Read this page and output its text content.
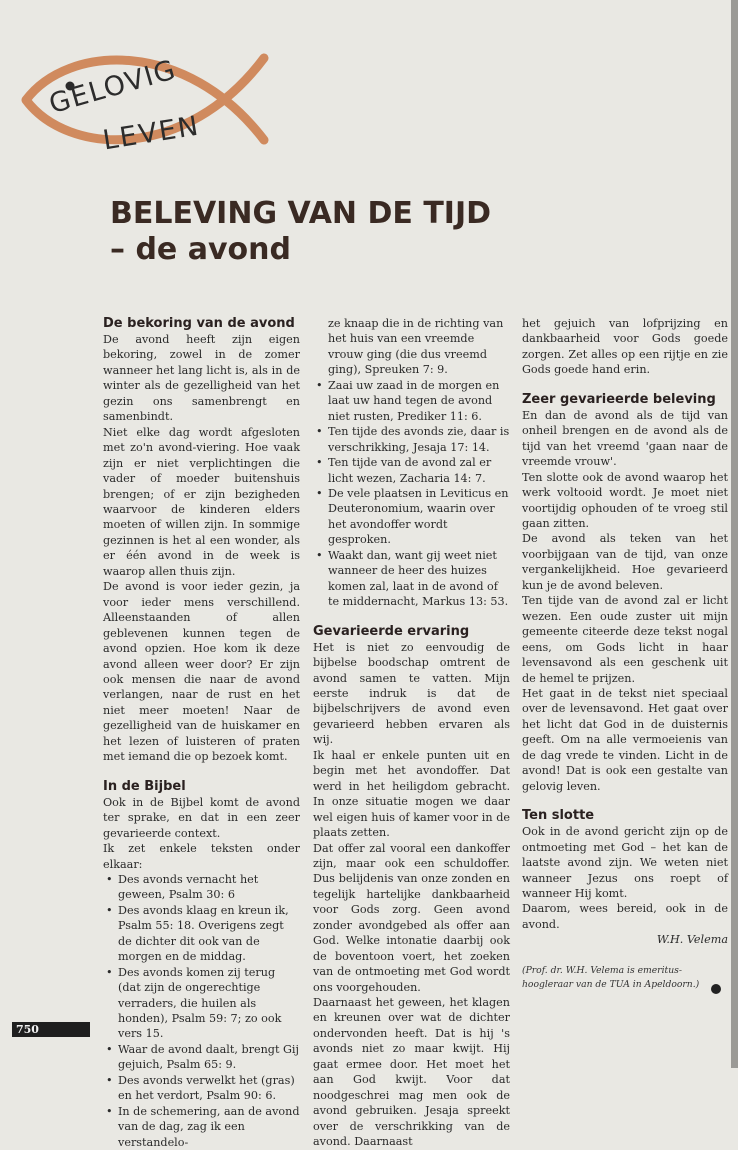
GELOVIG
LEVEN
BELEVING VAN DE TIJD
– de avond
De bekoring van de avond

De avond heeft zijn eigen bekoring, zowel in de zomer wanneer het lang licht is, als in de winter als de gezelligheid van het gezin ons samenbrengt en samenbindt.

Niet elke dag wordt afgesloten met zo'n avond-viering. Hoe vaak zijn er niet verplichtingen die vader of moeder buitenshuis brengen; of er zijn bezigheden waarvoor de kinderen elders moeten of willen zijn. In sommige gezinnen is het al een wonder, als er één avond in de week is waarop allen thuis zijn.

De avond is voor ieder gezin, ja voor ieder mens verschillend. Alleenstaanden of allen geblevenen kunnen tegen de avond opzien. Hoe kom ik deze avond alleen weer door? Er zijn ook mensen die naar de avond verlangen, naar de rust en het niet meer moeten! Naar de gezelligheid van de huiskamer en het lezen of luisteren of praten met iemand die op bezoek komt.

In de Bijbel

Ook in de Bijbel komt de avond ter sprake, en dat in een zeer gevarieerde context.

Ik zet enkele teksten onder elkaar:

• Des avonds vernacht het geween, Psalm 30: 6
• Des avonds klaag en kreun ik, Psalm 55: 18. Overigens zegt de dichter dit ook van de morgen en de middag.
• Des avonds komen zij terug (dat zijn de ongerechtige verraders, die huilen als honden), Psalm 59: 7; zo ook vers 15.
• Waar de avond daalt, brengt Gij gejuich, Psalm 65: 9.
• Des avonds verwelkt het (gras) en het verdort, Psalm 90: 6.
• In de schemering, aan de avond van de dag, zag ik een verstandelo-

ze knaap die in de richting van het huis van een vreemde vrouw ging (die dus vreemd ging), Spreuken 7: 9.

• Zaai uw zaad in de morgen en laat uw hand tegen de avond niet rusten, Prediker 11: 6.
• Ten tijde des avonds zie, daar is verschrikking, Jesaja 17: 14.
• Ten tijde van de avond zal er licht wezen, Zacharia 14: 7.
• De vele plaatsen in Leviticus en Deuteronomium, waarin over het avondoffer wordt gesproken.
• Waakt dan, want gij weet niet wanneer de heer des huizes komen zal, laat in de avond of te middernacht, Markus 13: 53.
Gevarieerde ervaring

Het is niet zo eenvoudig de bijbelse boodschap omtrent de avond samen te vatten. Mijn eerste indruk is dat de bijbelschrijvers de avond even gevarieerd hebben ervaren als wij.

Ik haal er enkele punten uit en begin met het avondoffer. Dat werd in het heiligdom gebracht. In onze situatie mogen we daar wel eigen huis of kamer voor in de plaats zetten.

Dat offer zal vooral een dankoffer zijn, maar ook een schuldoffer. Dus belijdenis van onze zonden en tegelijk hartelijke dankbaarheid voor Gods zorg. Geen avond zonder avondgebed als offer aan God. Welke intonatie daarbij ook de boventoon voert, het zoeken van de ontmoeting met God wordt ons voorgehouden.

Daarnaast het geween, het klagen en kreunen over wat de dichter ondervonden heeft. Dat is hij 's avonds niet zo maar kwijt. Hij gaat ermee door. Het moet het aan God kwijt. Voor dat noodgeschrei mag men ook de avond gebruiken. Jesaja spreekt over de verschrikking van de avond. Daarnaast

het gejuich van lofprijzing en dankbaarheid voor Gods goede zorgen. Zet alles op een rijtje en zie Gods goede hand erin.

Zeer gevarieerde beleving

En dan de avond als de tijd van onheil brengen en de avond als de tijd van het vreemd 'gaan naar de vreemde vrouw'.

Ten slotte ook de avond waarop het werk voltooid wordt. Je moet niet voortijdig ophouden of te vroeg stil gaan zitten.

De avond als teken van het voorbijgaan van de tijd, van onze vergankelijkheid. Hoe gevarieerd kun je de avond beleven.

Ten tijde van de avond zal er licht wezen. Een oude zuster uit mijn gemeente citeerde deze tekst nogal eens, om Gods licht in haar levensavond als een geschenk uit de hemel te prijzen.

Het gaat in de tekst niet speciaal over de levensavond. Het gaat over het licht dat God in de duisternis geeft. Om na alle vermoeienis van de dag vrede te vinden. Licht in de avond! Dat is ook een gestalte van gelovig leven.

Ten slotte

Ook in de avond gericht zijn op de ontmoeting met God – het kan de laatste avond zijn. We weten niet wanneer Jezus ons roept of wanneer Hij komt.

Daarom, wees bereid, ook in de avond.

W.H. Velema

(Prof. dr. W.H. Velema is emeritus-hoogleraar van de TUA in Apeldoorn.)
750
